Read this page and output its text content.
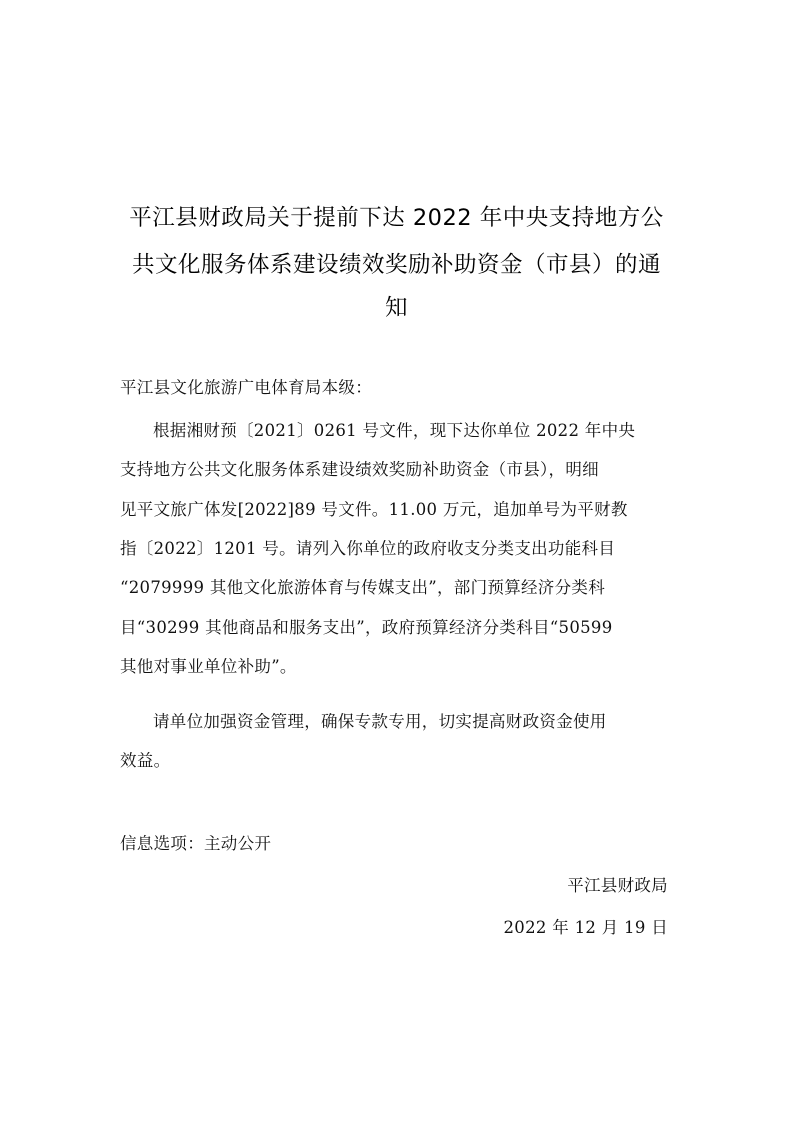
平江县财政局关于提前下达 2022 年中央支持地方公
共文化服务体系建设绩效奖励补助资金（市县）的通
知
平江县文化旅游广电体育局本级：
根据湘财预〔2021〕0261 号文件，现下达你单位 2022 年中央
支持地方公共文化服务体系建设绩效奖励补助资金（市县），明细
见平文旅广体发[2022]89 号文件。11.00 万元，追加单号为平财教
指〔2022〕1201 号。请列入你单位的政府收支分类支出功能科目
“2079999 其他文化旅游体育与传媒支出”，部门预算经济分类科
目“30299 其他商品和服务支出”，政府预算经济分类科目“50599
其他对事业单位补助”。
请单位加强资金管理，确保专款专用，切实提高财政资金使用
效益。
信息选项：主动公开
平江县财政局
2022 年 12 月 19 日
